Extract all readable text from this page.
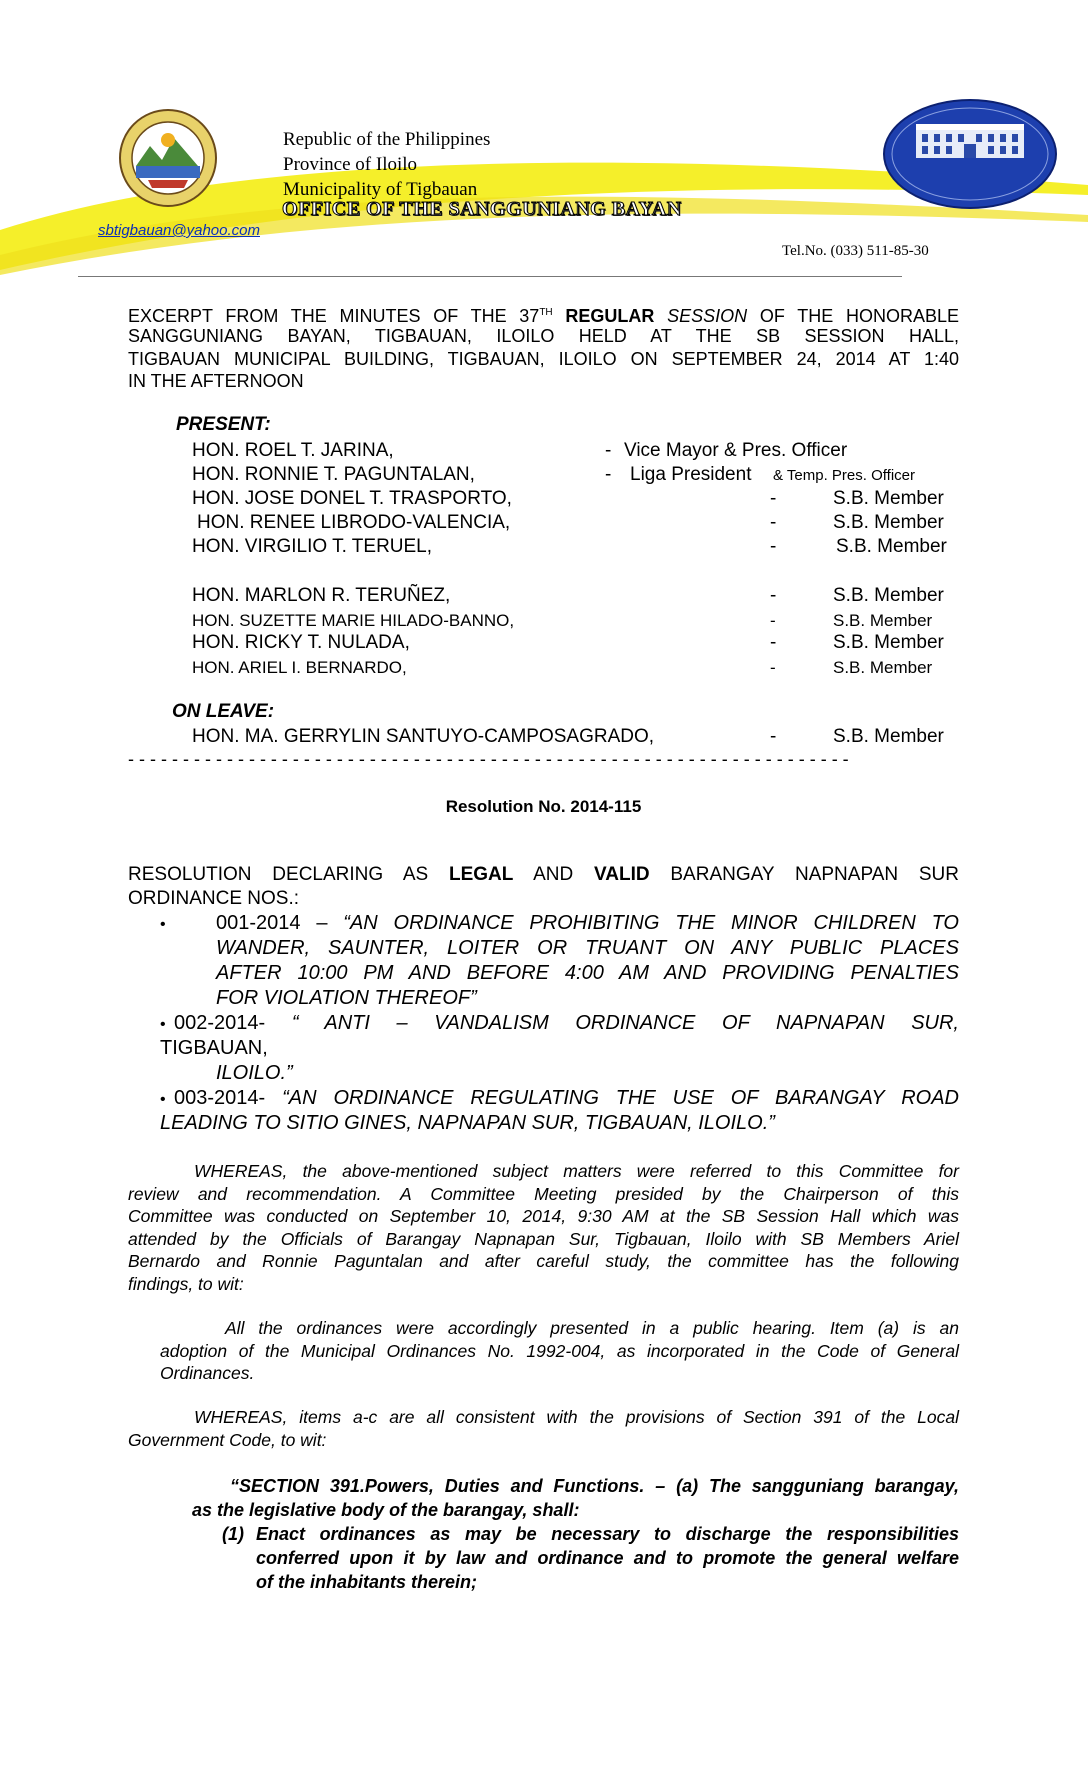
Republic of the Philippines
Province of Iloilo
Municipality of Tigbauan
OFFICE OF THE SANGGUNIANG BAYAN
sbtigbauan@yahoo.com
Tel.No. (033) 511-85-30
EXCERPT FROM THE MINUTES OF THE 37TH REGULAR SESSION OF THE HONORABLE
SANGGUNIANG BAYAN, TIGBAUAN, ILOILO HELD AT THE SB SESSION HALL,
TIGBAUAN MUNICIPAL BUILDING, TIGBAUAN, ILOILO ON SEPTEMBER 24, 2014 AT 1:40
IN THE AFTERNOON
PRESENT:
HON. ROEL T. JARINA,	- Vice Mayor & Pres. Officer
HON. RONNIE T. PAGUNTALAN,	- Liga President & Temp. Pres. Officer
HON. JOSE DONEL T. TRASPORTO,	-	S.B. Member
HON. RENEE LIBRODO-VALENCIA,	-	S.B. Member
HON. VIRGILIO T. TERUEL,	-	S.B. Member
HON. MARLON R. TERUÑEZ,	-	S.B. Member
HON. SUZETTE MARIE HILADO-BANNO,	-	S.B. Member
HON. RICKY T. NULADA,	-	S.B. Member
HON. ARIEL I. BERNARDO,	-	S.B. Member
ON LEAVE:
HON. MA. GERRYLIN SANTUYO-CAMPOSAGRADO,	-	S.B. Member
- - - - - - - - - - - - - - - - - - - - - - - - - - - - - - - - - - - - - - - - - - - - - - - - - - - - - - - - - - - - - - - - - -
Resolution No. 2014-115
RESOLUTION DECLARING AS LEGAL AND VALID BARANGAY NAPNAPAN SUR
ORDINANCE NOS.:
•	001-2014 – “AN ORDINANCE PROHIBITING THE MINOR CHILDREN TO
WANDER, SAUNTER, LOITER OR TRUANT ON ANY PUBLIC PLACES
AFTER 10:00 PM AND BEFORE 4:00 AM AND PROVIDING PENALTIES
FOR VIOLATION THEREOF”
• 002-2014- “ ANTI – VANDALISM ORDINANCE OF NAPNAPAN SUR,
TIGBAUAN,
ILOILO.”
• 003-2014- “AN ORDINANCE REGULATING THE USE OF BARANGAY ROAD
LEADING TO SITIO GINES, NAPNAPAN SUR, TIGBAUAN, ILOILO.”
WHEREAS, the above-mentioned subject matters were referred to this Committee for
review and recommendation. A Committee Meeting presided by the Chairperson of this
Committee was conducted on September 10, 2014, 9:30 AM at the SB Session Hall which was
attended by the Officials of Barangay Napnapan Sur, Tigbauan, Iloilo with SB Members Ariel
Bernardo and Ronnie Paguntalan and after careful study, the committee has the following
findings, to wit:
All the ordinances were accordingly presented in a public hearing. Item (a) is an
adoption of the Municipal Ordinances No. 1992-004, as incorporated in the Code of General
Ordinances.
WHEREAS, items a-c are all consistent with the provisions of Section 391 of the Local
Government Code, to wit:
“SECTION 391.Powers, Duties and Functions. – (a) The sangguniang barangay,
as the legislative body of the barangay, shall:
(1) Enact ordinances as may be necessary to discharge the responsibilities
conferred upon it by law and ordinance and to promote the general welfare
of the inhabitants therein;
